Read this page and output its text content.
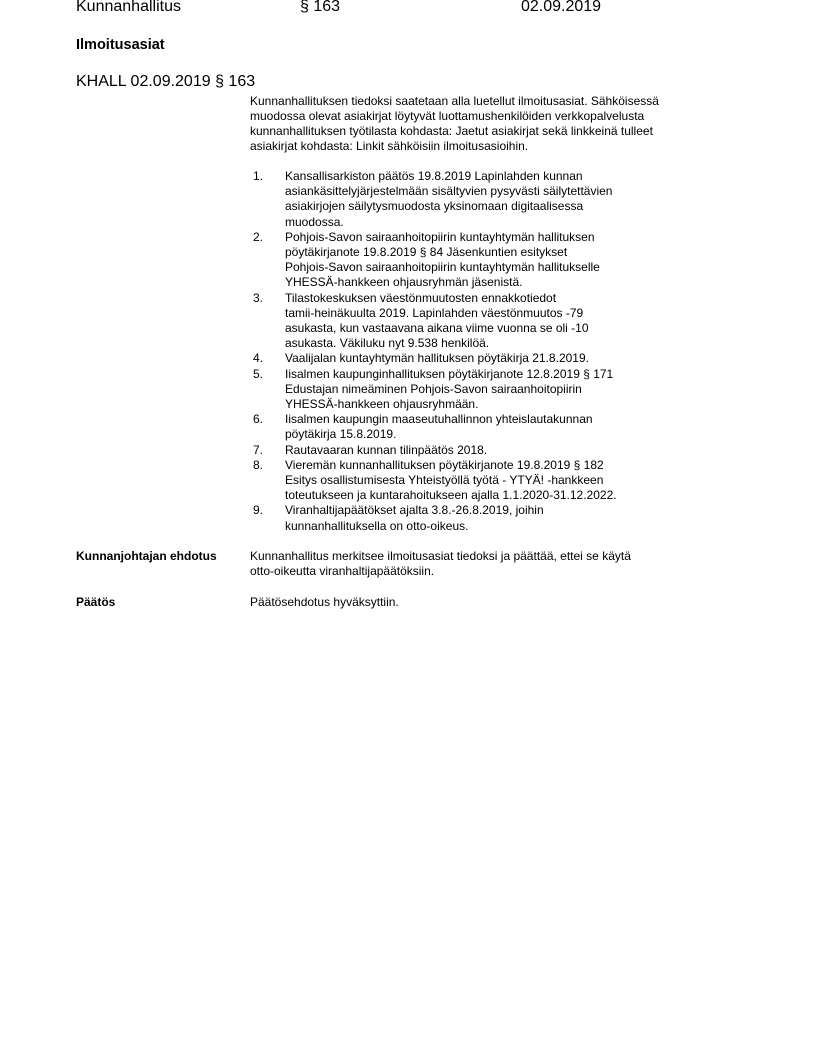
Kunnanhallitus	§ 163	02.09.2019
Ilmoitusasiat
KHALL 02.09.2019 § 163

Kunnanhallituksen tiedoksi saatetaan alla luetellut ilmoitusasiat. Sähköisessä

muodossa olevat asiakirjat löytyvät luottamushenkilöiden verkkopalvelusta

kunnanhallituksen työtilasta kohdasta: Jaetut asiakirjat sekä linkkeinä tulleet

asiakirjat kohdasta: Linkit sähköisiin ilmoitusasioihin.

1. Kansallisarkiston päätös 19.8.2019 Lapinlahden kunnan
asiankäsittelyjärjestelmään sisältyvien pysyvästi säilytettävien
asiakirjojen säilytysmuodosta yksinomaan digitaalisessa
muodossa.
2. Pohjois-Savon sairaanhoitopiirin kuntayhtymän hallituksen
pöytäkirjanote 19.8.2019 § 84 Jäsenkuntien esitykset
Pohjois-Savon sairaanhoitopiirin kuntayhtymän hallitukselle
YHESSÄ-hankkeen ohjausryhmän jäsenistä.
3. Tilastokeskuksen väestönmuutosten ennakkotiedot
tamii-heinäkuulta 2019. Lapinlahden väestönmuutos -79
asukasta, kun vastaavana aikana viime vuonna se oli -10
asukasta. Väkiluku nyt 9.538 henkilöä.
4. Vaalijalan kuntayhtymän hallituksen pöytäkirja 21.8.2019.
5. Iisalmen kaupunginhallituksen pöytäkirjanote 12.8.2019 § 171
Edustajan nimeäminen Pohjois-Savon sairaanhoitopiirin
YHESSÄ-hankkeen ohjausryhmään.
6. Iisalmen kaupungin maaseutuhallinnon yhteislautakunnan
pöytäkirja 15.8.2019.
7. Rautavaaran kunnan tilinpäätös 2018.
8. Vieremän kunnanhallituksen pöytäkirjanote 19.8.2019 § 182
Esitys osallistumisesta Yhteistyöllä työtä - YTYÄ! -hankkeen
toteutukseen ja kuntarahoitukseen ajalla 1.1.2020-31.12.2022.
9. Viranhaltijapäätökset ajalta 3.8.-26.8.2019, joihin
kunnanhallituksella on otto-oikeus.
Kunnanjohtajan ehdotus	Kunnanhallitus merkitsee ilmoitusasiat tiedoksi ja päättää, ettei se käytä
otto-oikeutta viranhaltijapäätöksiin.
Päätös	Päätösehdotus hyväksyttiin.
